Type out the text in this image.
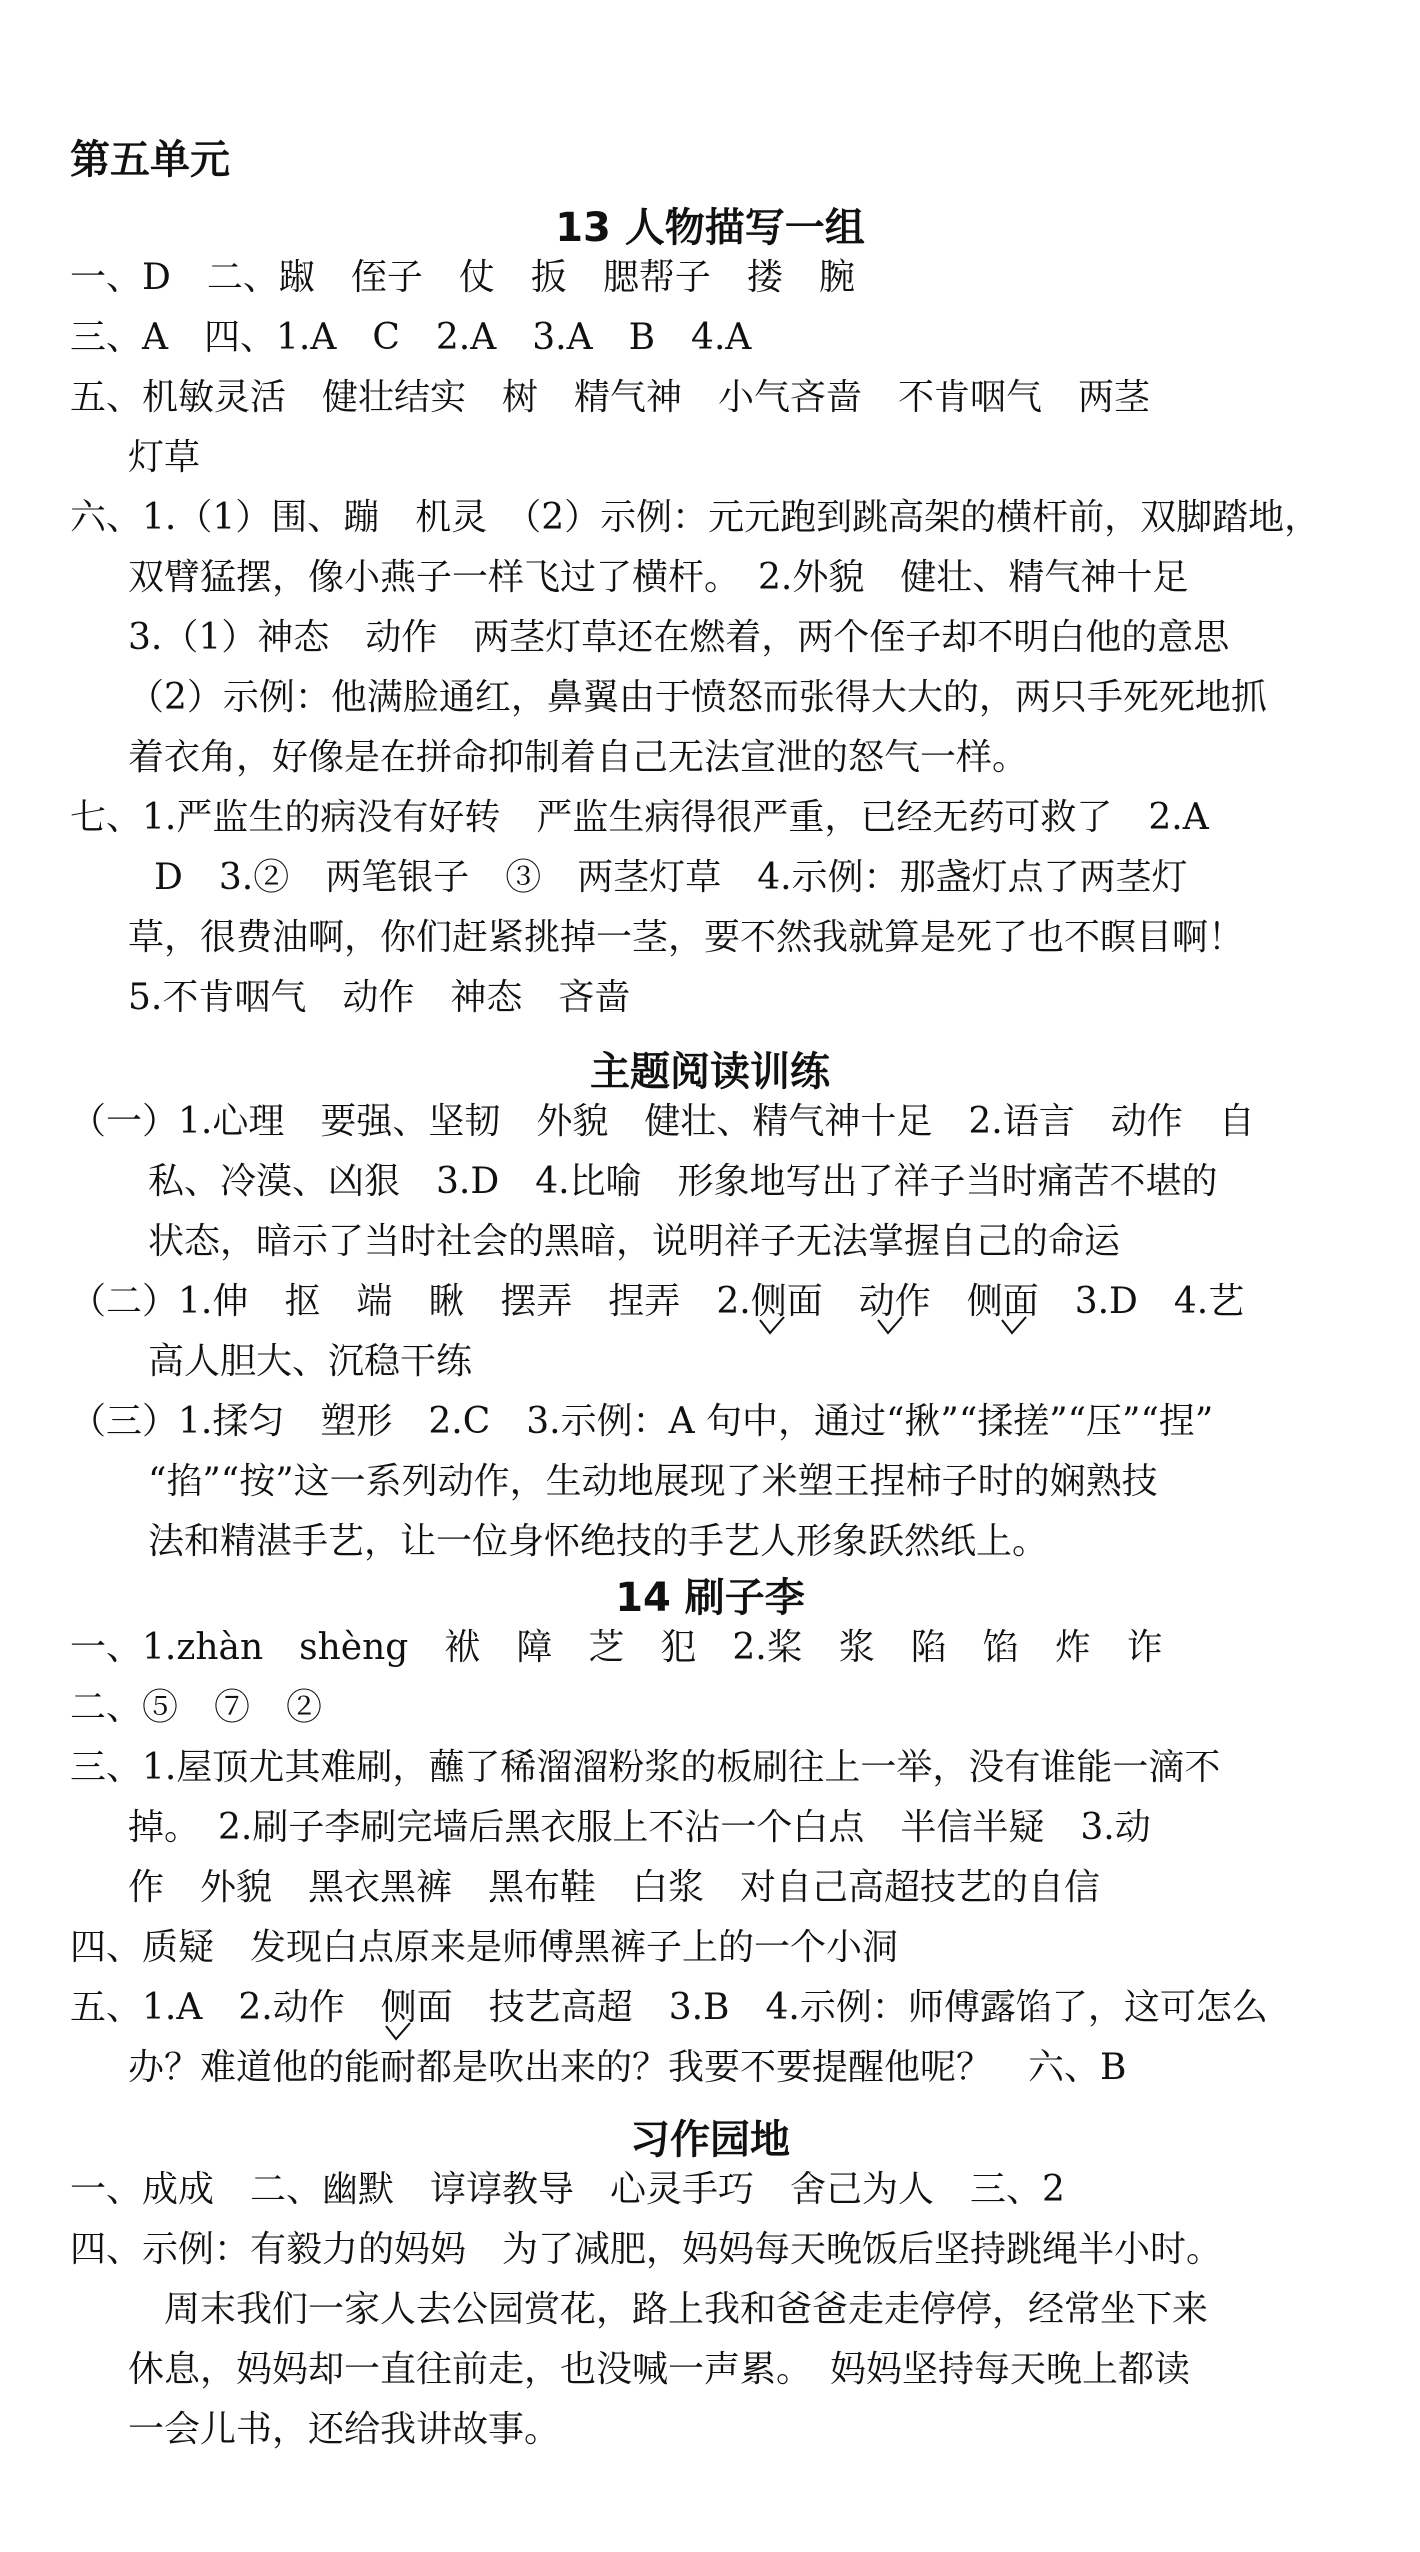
第五单元
13 人物描写一组
一、D　二、踧　侄子　仗　扳　腮帮子　搂　腕
三、A　四、1.A　C　2.A　3.A　B　4.A
五、机敏灵活　健壮结实　树　精气神　小气吝啬　不肯咽气　两茎
灯草
六、1.（1）围、蹦　机灵　（2）示例：元元跑到跳高架的横杆前，双脚踏地，
双臂猛摆，像小燕子一样飞过了横杆。　2.外貌　健壮、精气神十足
3.（1）神态　动作　两茎灯草还在燃着，两个侄子却不明白他的意思
（2）示例：他满脸通红，鼻翼由于愤怒而张得大大的，两只手死死地抓
着衣角，好像是在拼命抑制着自己无法宣泄的怒气一样。
七、1.严监生的病没有好转　严监生病得很严重，已经无药可救了　2.A
D　3.②　两笔银子　③　两茎灯草　4.示例：那盏灯点了两茎灯
草，很费油啊，你们赶紧挑掉一茎，要不然我就算是死了也不瞑目啊！
5.不肯咽气　动作　神态　吝啬
主题阅读训练
（一）1.心理　要强、坚韧　外貌　健壮、精气神十足　2.语言　动作　自
私、冷漠、凶狠　3.D　4.比喻　形象地写出了祥子当时痛苦不堪的
状态，暗示了当时社会的黑暗，说明祥子无法掌握自己的命运
（二）1.伸　抠　端　瞅　摆弄　捏弄　2.侧面　动作　侧面　3.D　4.艺
高人胆大、沉稳干练
（三）1.揉匀　塑形　2.C　3.示例：A 句中，通过“揪”“揉搓”“压”“捏”
“掐”“按”这一系列动作，生动地展现了米塑王捏柿子时的娴熟技
法和精湛手艺，让一位身怀绝技的手艺人形象跃然纸上。
14 刷子李
一、1.zhàn　shèng　袱　障　芝　犯　2.桨　浆　陷　馅　炸　诈
二、⑤　⑦　②
三、1.屋顶尤其难刷，蘸了稀溜溜粉浆的板刷往上一举，没有谁能一滴不
掉。　2.刷子李刷完墙后黑衣服上不沾一个白点　半信半疑　3.动
作　外貌　黑衣黑裤　黑布鞋　白浆　对自己高超技艺的自信
四、质疑　发现白点原来是师傅黑裤子上的一个小洞
五、1.A　2.动作　侧面　技艺高超　3.B　4.示例：师傅露馅了，这可怎么
办？难道他的能耐都是吹出来的？我要不要提醒他呢？　六、B
习作园地
一、成成　二、幽默　谆谆教导　心灵手巧　舍己为人　三、2
四、示例：有毅力的妈妈　为了减肥，妈妈每天晚饭后坚持跳绳半小时。
周末我们一家人去公园赏花，路上我和爸爸走走停停，经常坐下来
休息，妈妈却一直往前走，也没喊一声累。　妈妈坚持每天晚上都读
一会儿书，还给我讲故事。
